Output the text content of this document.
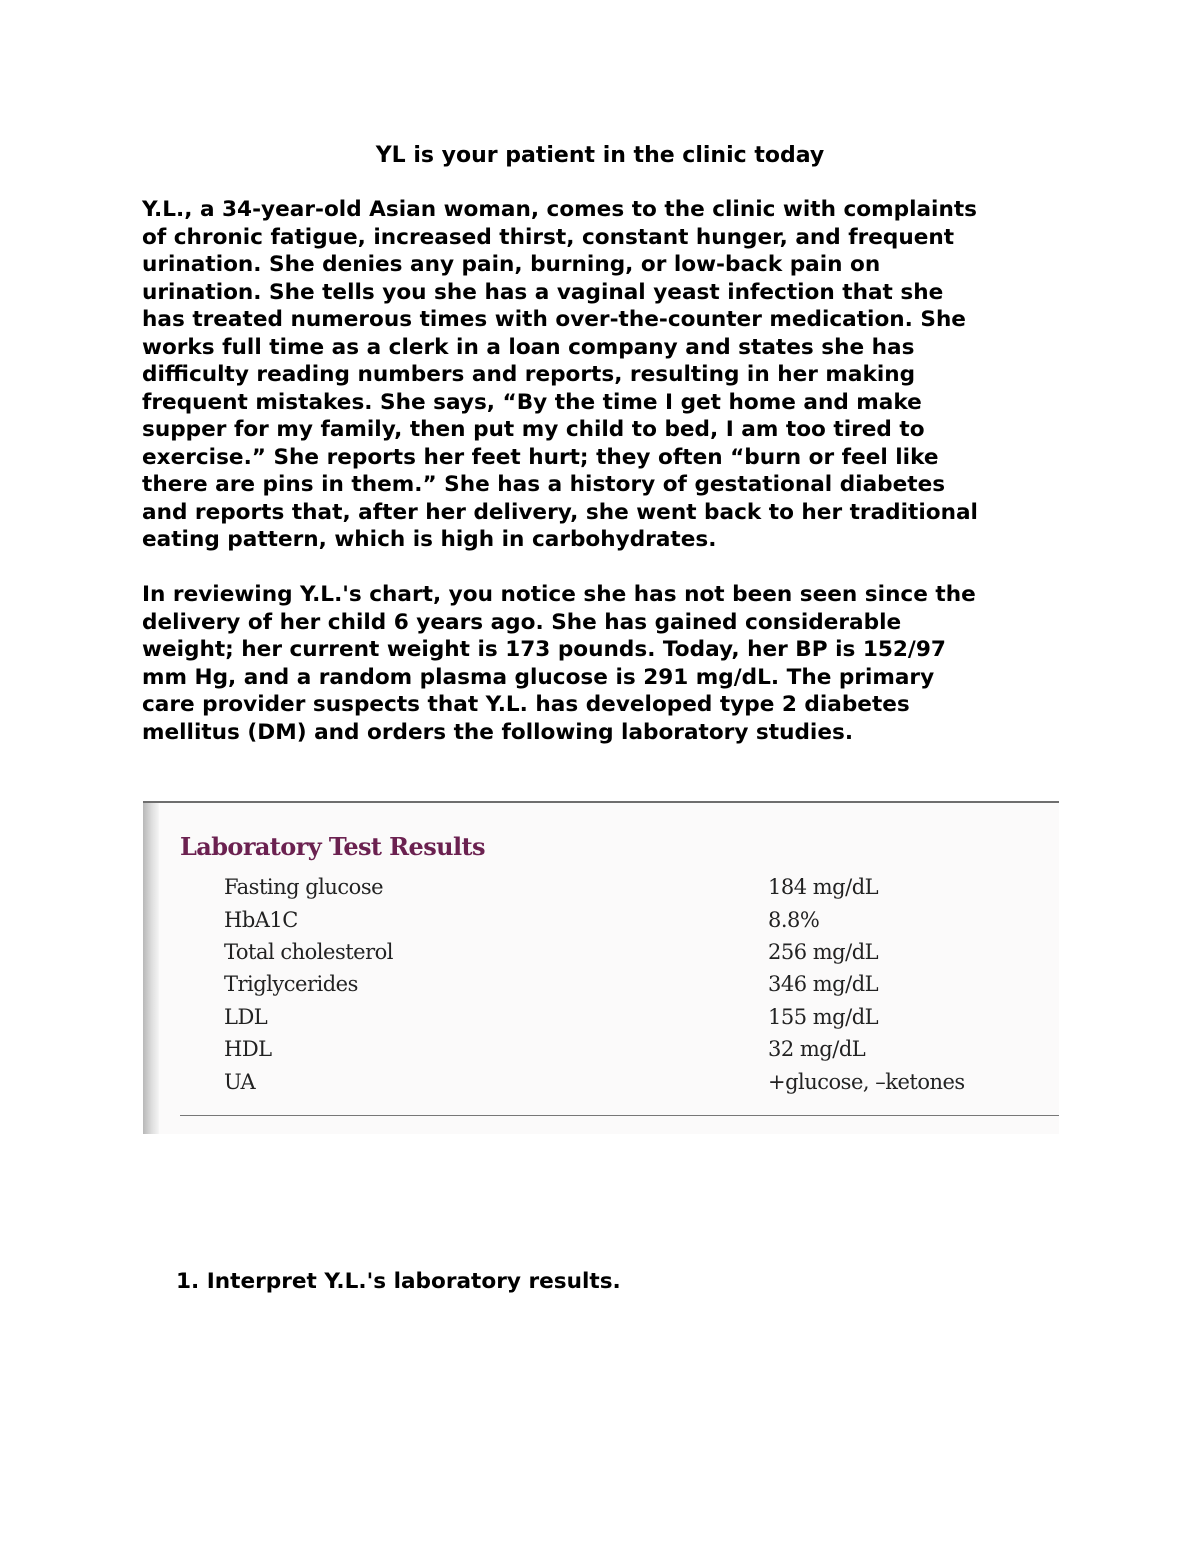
YL is your patient in the clinic today

Y.L., a 34-year-old Asian woman, comes to the clinic with complaints
of chronic fatigue, increased thirst, constant hunger, and frequent
urination. She denies any pain, burning, or low-back pain on
urination. She tells you she has a vaginal yeast infection that she
has treated numerous times with over-the-counter medication. She
works full time as a clerk in a loan company and states she has
difficulty reading numbers and reports, resulting in her making
frequent mistakes. She says, “By the time I get home and make
supper for my family, then put my child to bed, I am too tired to
exercise.” She reports her feet hurt; they often “burn or feel like
there are pins in them.” She has a history of gestational diabetes
and reports that, after her delivery, she went back to her traditional
eating pattern, which is high in carbohydrates.

In reviewing Y.L.'s chart, you notice she has not been seen since the
delivery of her child 6 years ago. She has gained considerable
weight; her current weight is 173 pounds. Today, her BP is 152/97
mm Hg, and a random plasma glucose is 291 mg/dL. The primary
care provider suspects that Y.L. has developed type 2 diabetes
mellitus (DM) and orders the following laboratory studies.

Laboratory Test Results
Fasting glucose	184 mg/dL
HbA1C	8.8%
Total cholesterol	256 mg/dL
Triglycerides	346 mg/dL
LDL	155 mg/dL
HDL	32 mg/dL
UA	+glucose, –ketones

1. Interpret Y.L.'s laboratory results.
